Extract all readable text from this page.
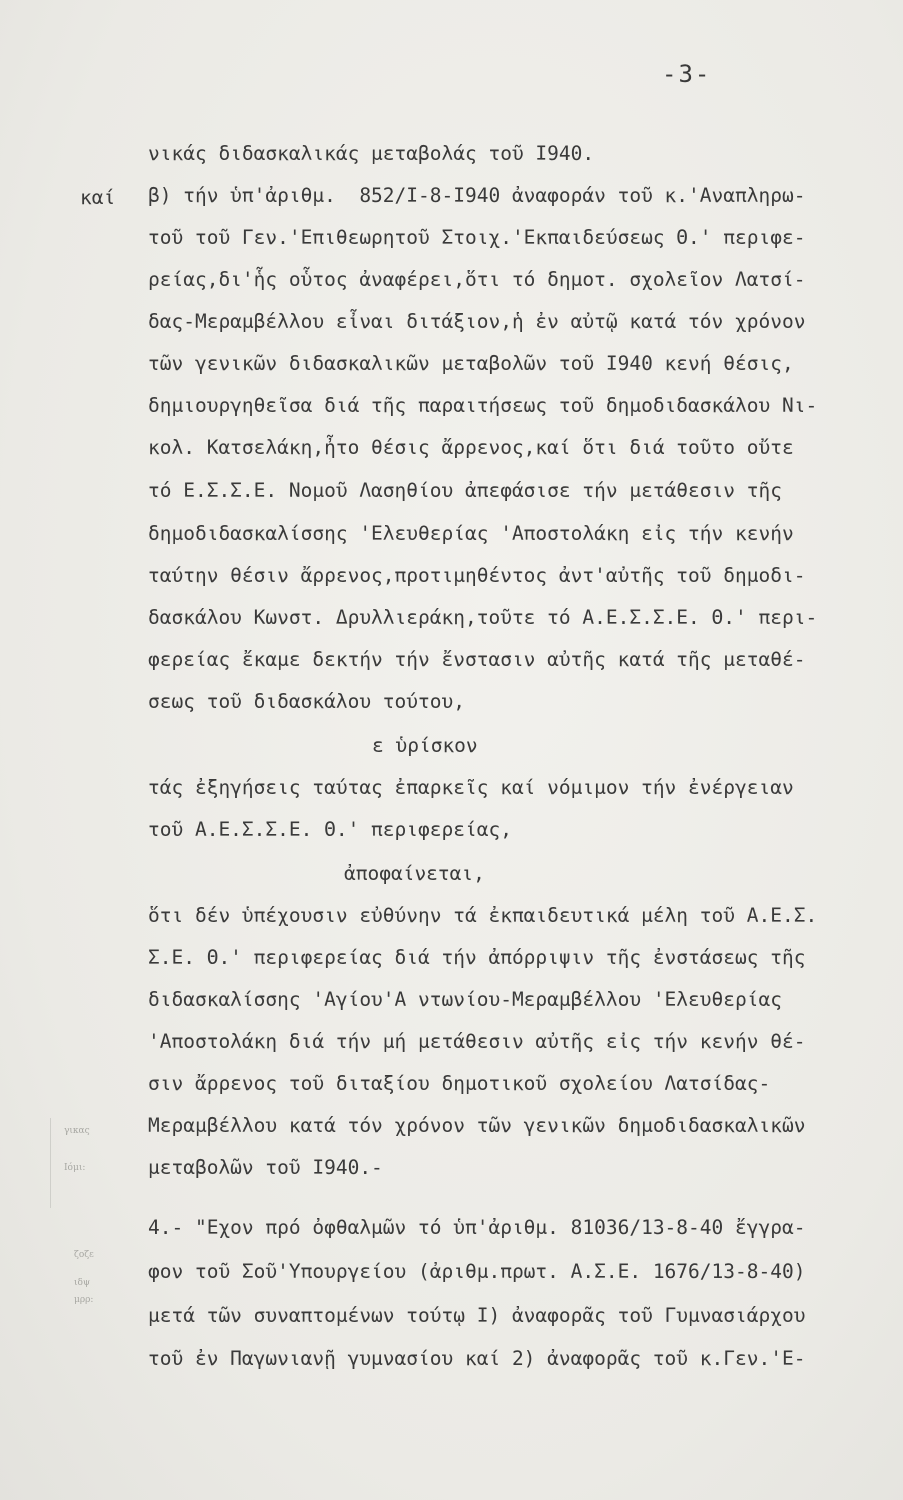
-3-
καί
γικας
Ιόμι:
ζοζε
ιδψ
μρρ:
νικάς διδασκαλικάς μεταβολάς τοῦ Ι940.
β) τήν ὑπ'ἀριθμ.  852/Ι-8-Ι940 ἀναφοράν τοῦ κ.'Αναπληρω-
τοῦ τοῦ Γεν.'Επιθεωρητοῦ Στοιχ.'Εκπαιδεύσεως Θ.' περιφε-
ρείας,δι'ἧς οὗτος ἀναφέρει,ὅτι τό δημοτ. σχολεῖον Λατσί-
δας-Μεραμβέλλου εἶναι διτάξιον,ἡ ἐν αὐτῷ κατά τόν χρόνον
τῶν γενικῶν διδασκαλικῶν μεταβολῶν τοῦ Ι940 κενή θέσις,
δημιουργηθεῖσα διά τῆς παραιτήσεως τοῦ δημοδιδασκάλου Νι-
κολ. Κατσελάκη,ἦτο θέσις ἄρρενος,καί ὅτι διά τοῦτο οὔτε
τό Ε.Σ.Σ.Ε. Νομοῦ Λασηθίου ἀπεφάσισε τήν μετάθεσιν τῆς
δημοδιδασκαλίσσης 'Ελευθερίας 'Αποστολάκη εἰς τήν κενήν
ταύτην θέσιν ἄρρενος,προτιμηθέντος ἀντ'αὐτῆς τοῦ δημοδι-
δασκάλου Κωνστ. Δρυλλιεράκη,τοῦτε τό Α.Ε.Σ.Σ.Ε. Θ.' περι-
φερείας ἔκαμε δεκτήν τήν ἔνστασιν αὐτῆς κατά τῆς μεταθέ-
σεως τοῦ διδασκάλου τούτου,
ε ὑρίσκον
τάς ἐξηγήσεις ταύτας ἐπαρκεῖς καί νόμιμον τήν ἐνέργειαν
τοῦ Α.Ε.Σ.Σ.Ε. Θ.' περιφερείας,
ἀποφαίνεται,
ὅτι δέν ὑπέχουσιν εὐθύνην τά ἐκπαιδευτικά μέλη τοῦ Α.Ε.Σ.
Σ.Ε. Θ.' περιφερείας διά τήν ἀπόρριψιν τῆς ἐνστάσεως τῆς
διδασκαλίσσης 'Αγίου'Α ντωνίου-Μεραμβέλλου 'Ελευθερίας
'Αποστολάκη διά τήν μή μετάθεσιν αὐτῆς εἰς τήν κενήν θέ-
σιν ἄρρενος τοῦ διταξίου δημοτικοῦ σχολείου Λατσίδας-
Μεραμβέλλου κατά τόν χρόνον τῶν γενικῶν δημοδιδασκαλικῶν
μεταβολῶν τοῦ Ι940.-
4.- "Εχον πρό ὀφθαλμῶν τό ὑπ'ἀριθμ. 81036/13-8-40 ἔγγρα-
φον τοῦ Σοῦ'Υπουργείου (ἀριθμ.πρωτ. Α.Σ.Ε. 1676/13-8-40)
μετά τῶν συναπτομένων τούτῳ Ι) ἀναφορᾶς τοῦ Γυμνασιάρχου
τοῦ ἐν Παγωνιανῇ γυμνασίου καί 2) ἀναφορᾶς τοῦ κ.Γεν.'Ε-
